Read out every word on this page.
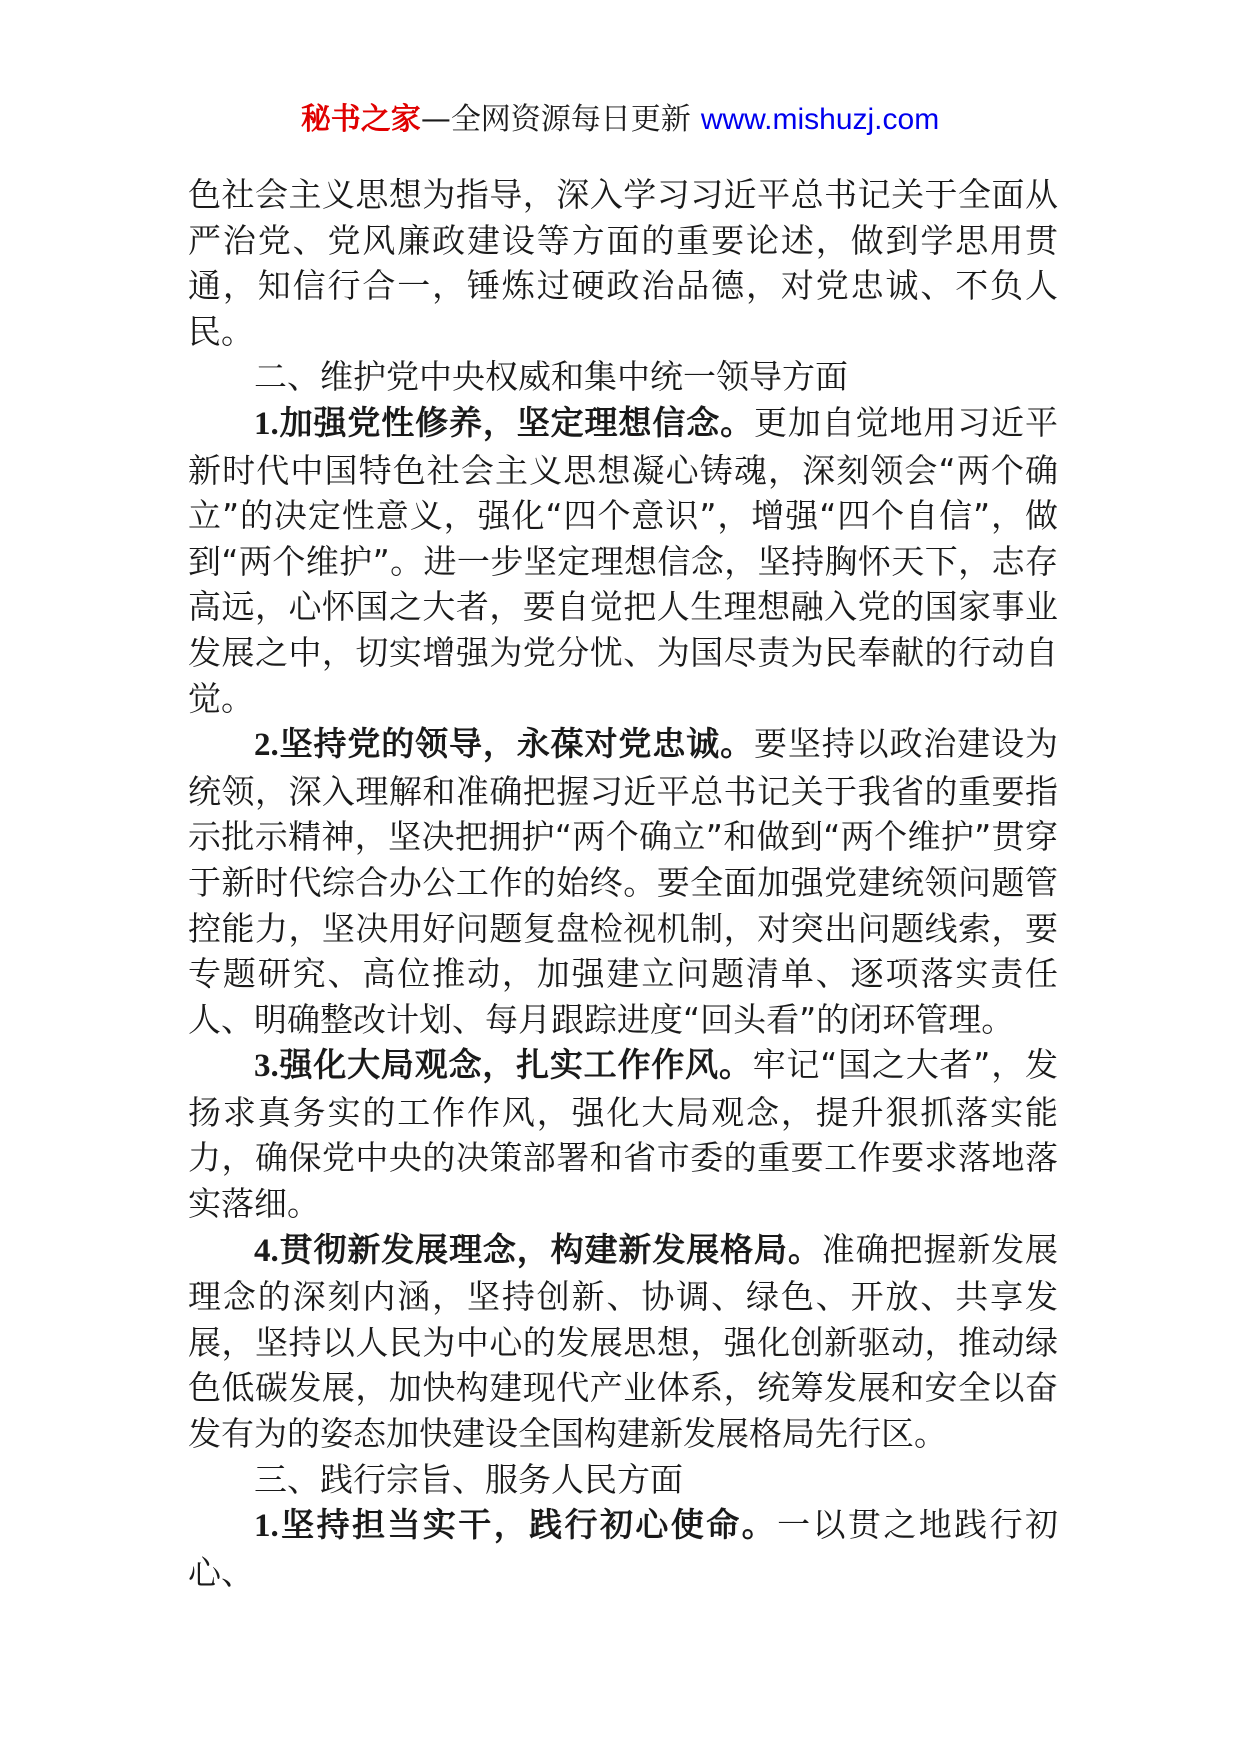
秘书之家—全网资源每日更新 www.mishuzj.com

色社会主义思想为指导，深入学习习近平总书记关于全面从严治党、党风廉政建设等方面的重要论述，做到学思用贯通，知信行合一，锤炼过硬政治品德，对党忠诚、不负人民。

二、维护党中央权威和集中统一领导方面

1.加强党性修养，坚定理想信念。更加自觉地用习近平新时代中国特色社会主义思想凝心铸魂，深刻领会“两个确立”的决定性意义，强化“四个意识”，增强“四个自信”，做到“两个维护”。进一步坚定理想信念，坚持胸怀天下，志存高远，心怀国之大者，要自觉把人生理想融入党的国家事业发展之中，切实增强为党分忧、为国尽责为民奉献的行动自觉。

2.坚持党的领导，永葆对党忠诚。要坚持以政治建设为统领，深入理解和准确把握习近平总书记关于我省的重要指示批示精神，坚决把拥护“两个确立”和做到“两个维护”贯穿于新时代综合办公工作的始终。要全面加强党建统领问题管控能力，坚决用好问题复盘检视机制，对突出问题线索，要专题研究、高位推动，加强建立问题清单、逐项落实责任人、明确整改计划、每月跟踪进度“回头看”的闭环管理。

3.强化大局观念，扎实工作作风。牢记“国之大者”，发扬求真务实的工作作风，强化大局观念，提升狠抓落实能力，确保党中央的决策部署和省市委的重要工作要求落地落实落细。

4.贯彻新发展理念，构建新发展格局。准确把握新发展理念的深刻内涵，坚持创新、协调、绿色、开放、共享发展，坚持以人民为中心的发展思想，强化创新驱动，推动绿色低碳发展，加快构建现代产业体系，统筹发展和安全以奋发有为的姿态加快建设全国构建新发展格局先行区。

三、践行宗旨、服务人民方面

1.坚持担当实干，践行初心使命。一以贯之地践行初心、
